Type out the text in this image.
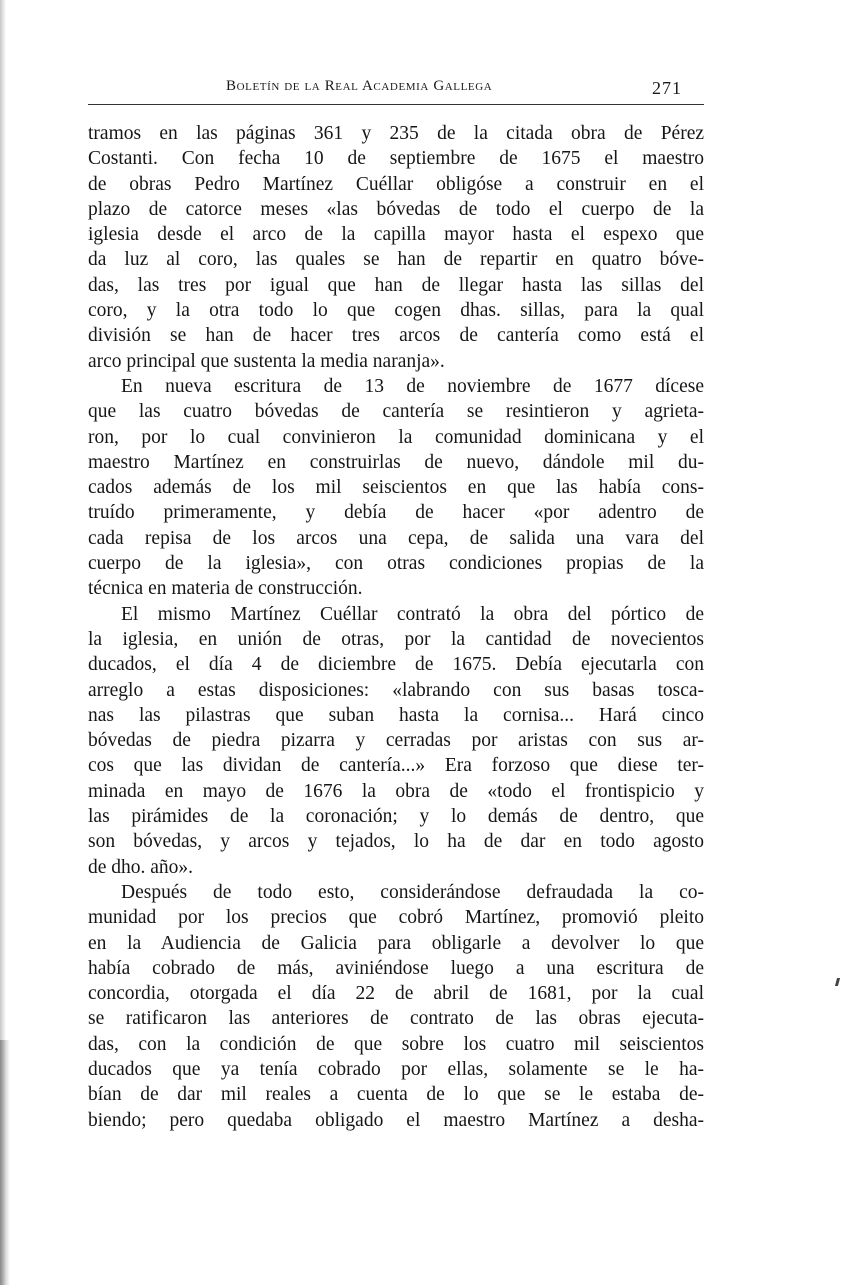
Boletín de la Real Academia Gallega	271
tramos en las páginas 361 y 235 de la citada obra de Pérez
Costanti. Con fecha 10 de septiembre de 1675 el maestro
de obras Pedro Martínez Cuéllar obligóse a construir en el
plazo de catorce meses «las bóvedas de todo el cuerpo de la
iglesia desde el arco de la capilla mayor hasta el espexo que
da luz al coro, las quales se han de repartir en quatro bóve-
das, las tres por igual que han de llegar hasta las sillas del
coro, y la otra todo lo que cogen dhas. sillas, para la qual
división se han de hacer tres arcos de cantería como está el
arco principal que sustenta la media naranja».
En nueva escritura de 13 de noviembre de 1677 dícese
que las cuatro bóvedas de cantería se resintieron y agrieta-
ron, por lo cual convinieron la comunidad dominicana y el
maestro Martínez en construirlas de nuevo, dándole mil du-
cados además de los mil seiscientos en que las había cons-
truído primeramente, y debía de hacer «por adentro de
cada repisa de los arcos una cepa, de salida una vara del
cuerpo de la iglesia», con otras condiciones propias de la
técnica en materia de construcción.
El mismo Martínez Cuéllar contrató la obra del pórtico de
la iglesia, en unión de otras, por la cantidad de novecientos
ducados, el día 4 de diciembre de 1675. Debía ejecutarla con
arreglo a estas disposiciones: «labrando con sus basas tosca-
nas las pilastras que suban hasta la cornisa... Hará cinco
bóvedas de piedra pizarra y cerradas por aristas con sus ar-
cos que las dividan de cantería...» Era forzoso que diese ter-
minada en mayo de 1676 la obra de «todo el frontispicio y
las pirámides de la coronación; y lo demás de dentro, que
son bóvedas, y arcos y tejados, lo ha de dar en todo agosto
de dho. año».
Después de todo esto, considerándose defraudada la co-
munidad por los precios que cobró Martínez, promovió pleito
en la Audiencia de Galicia para obligarle a devolver lo que
había cobrado de más, aviniéndose luego a una escritura de
concordia, otorgada el día 22 de abril de 1681, por la cual
se ratificaron las anteriores de contrato de las obras ejecuta-
das, con la condición de que sobre los cuatro mil seiscientos
ducados que ya tenía cobrado por ellas, solamente se le ha-
bían de dar mil reales a cuenta de lo que se le estaba de-
biendo; pero quedaba obligado el maestro Martínez a desha-
